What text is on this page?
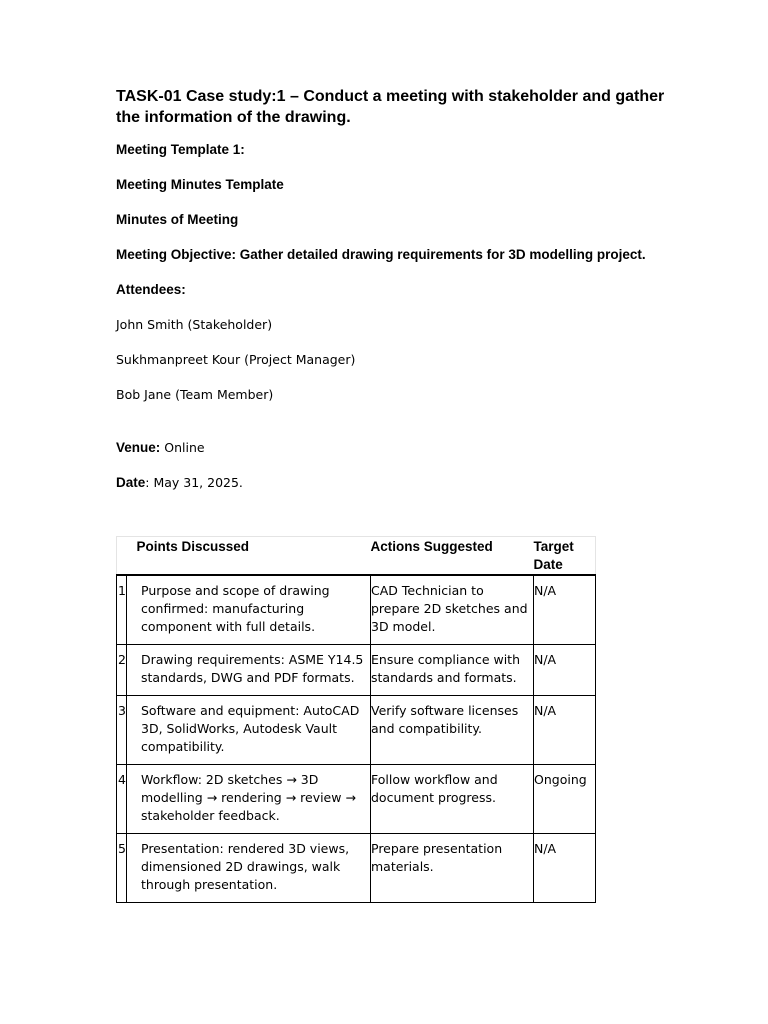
TASK-01 Case study:1 – Conduct a meeting with stakeholder and gather the information of the drawing.
Meeting Template 1:
Meeting Minutes Template
Minutes of Meeting
Meeting Objective: Gather detailed drawing requirements for 3D modelling project.
Attendees:
John Smith (Stakeholder)
Sukhmanpreet Kour (Project Manager)
Bob Jane (Team Member)
Venue: Online
Date: May 31, 2025.

	Points Discussed	Actions Suggested	Target Date

1	Purpose and scope of drawing confirmed: manufacturing component with full details.	CAD Technician to prepare 2D sketches and 3D model.	N/A

2	Drawing requirements: ASME Y14.5 standards, DWG and PDF formats.	Ensure compliance with standards and formats.	N/A

3	Software and equipment: AutoCAD 3D, SolidWorks, Autodesk Vault compatibility.	Verify software licenses and compatibility.	N/A

4	Workflow: 2D sketches → 3D modelling → rendering → review → stakeholder feedback.	Follow workflow and document progress.	Ongoing

5	Presentation: rendered 3D views, dimensioned 2D drawings, walk through presentation.	Prepare presentation materials.	N/A
